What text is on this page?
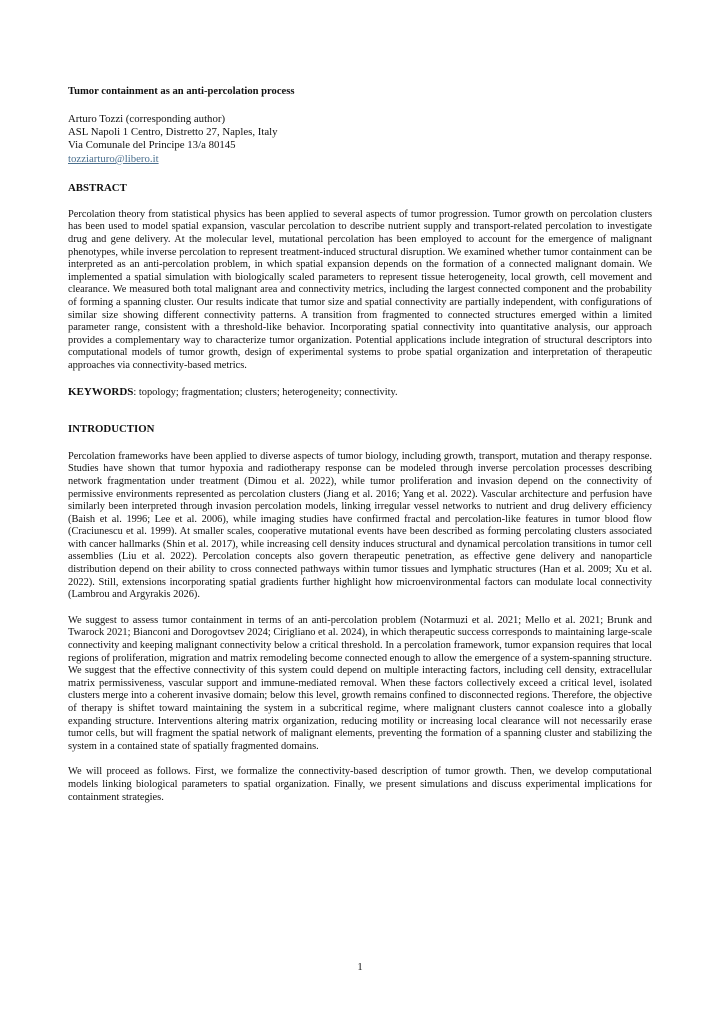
Tumor containment as an anti-percolation process

Arturo Tozzi (corresponding author)

ASL Napoli 1 Centro, Distretto 27, Naples, Italy

Via Comunale del Principe 13/a 80145

tozziarturo@libero.it

ABSTRACT

Percolation theory from statistical physics has been applied to several aspects of tumor progression. Tumor growth on percolation clusters has been used to model spatial expansion, vascular percolation to describe nutrient supply and transport-related percolation to investigate drug and gene delivery. At the molecular level, mutational percolation has been employed to account for the emergence of malignant phenotypes, while inverse percolation to represent treatment-induced structural disruption. We examined whether tumor containment can be interpreted as an anti-percolation problem, in which spatial expansion depends on the formation of a connected malignant domain. We implemented a spatial simulation with biologically scaled parameters to represent tissue heterogeneity, local growth, cell movement and clearance. We measured both total malignant area and connectivity metrics, including the largest connected component and the probability of forming a spanning cluster. Our results indicate that tumor size and spatial connectivity are partially independent, with configurations of similar size showing different connectivity patterns. A transition from fragmented to connected structures emerged within a limited parameter range, consistent with a threshold-like behavior. Incorporating spatial connectivity into quantitative analysis, our approach provides a complementary way to characterize tumor organization. Potential applications include integration of structural descriptors into computational models of tumor growth, design of experimental systems to probe spatial organization and interpretation of therapeutic approaches via connectivity-based metrics.

KEYWORDS: topology; fragmentation; clusters; heterogeneity; connectivity.

INTRODUCTION

Percolation frameworks have been applied to diverse aspects of tumor biology, including growth, transport, mutation and therapy response. Studies have shown that tumor hypoxia and radiotherapy response can be modeled through inverse percolation processes describing network fragmentation under treatment (Dimou et al. 2022), while tumor proliferation and invasion depend on the connectivity of permissive environments represented as percolation clusters (Jiang et al. 2016; Yang et al. 2022). Vascular architecture and perfusion have similarly been interpreted through invasion percolation models, linking irregular vessel networks to nutrient and drug delivery efficiency (Baish et al. 1996; Lee et al. 2006), while imaging studies have confirmed fractal and percolation-like features in tumor blood flow (Craciunescu et al. 1999). At smaller scales, cooperative mutational events have been described as forming percolating clusters associated with cancer hallmarks (Shin et al. 2017), while increasing cell density induces structural and dynamical percolation transitions in tumor cell assemblies (Liu et al. 2022). Percolation concepts also govern therapeutic penetration, as effective gene delivery and nanoparticle distribution depend on their ability to cross connected pathways within tumor tissues and lymphatic structures (Han et al. 2009; Xu et al. 2022). Still, extensions incorporating spatial gradients further highlight how microenvironmental factors can modulate local connectivity (Lambrou and Argyrakis 2026).

We suggest to assess tumor containment in terms of an anti-percolation problem (Notarmuzi et al. 2021; Mello et al. 2021; Brunk and Twarock 2021; Bianconi and Dorogovtsev 2024; Cirigliano et al. 2024), in which therapeutic success corresponds to maintaining large-scale connectivity and keeping malignant connectivity below a critical threshold. In a percolation framework, tumor expansion requires that local regions of proliferation, migration and matrix remodeling become connected enough to allow the emergence of a system-spanning structure. We suggest that the effective connectivity of this system could depend on multiple interacting factors, including cell density, extracellular matrix permissiveness, vascular support and immune-mediated removal. When these factors collectively exceed a critical level, isolated clusters merge into a coherent invasive domain; below this level, growth remains confined to disconnected regions. Therefore, the objective of therapy is shiftet toward maintaining the system in a subcritical regime, where malignant clusters cannot coalesce into a globally expanding structure. Interventions altering matrix organization, reducing motility or increasing local clearance will not necessarily erase tumor cells, but will fragment the spatial network of malignant elements, preventing the formation of a spanning cluster and stabilizing the system in a contained state of spatially fragmented domains.

We will proceed as follows. First, we formalize the connectivity-based description of tumor growth. Then, we develop computational models linking biological parameters to spatial organization. Finally, we present simulations and discuss experimental implications for containment strategies.

1
